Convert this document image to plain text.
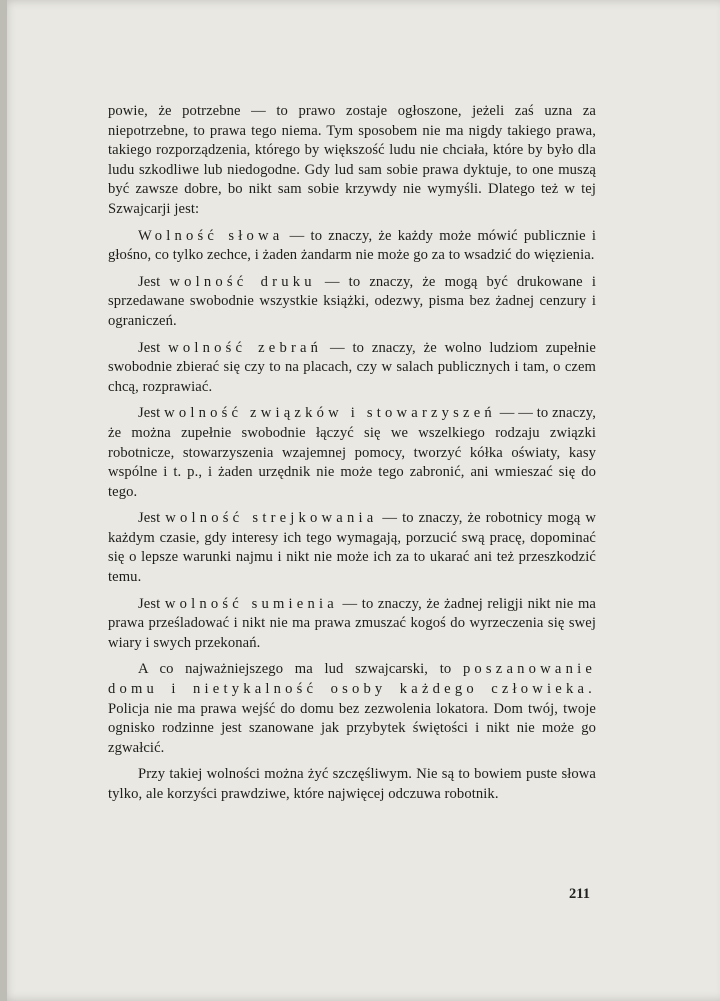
powie, że potrzebne — to prawo zostaje ogłoszone, jeżeli zaś uzna za niepotrzebne, to prawa tego niema. Tym sposobem nie ma nigdy takiego prawa, takiego rozporządzenia, którego by większość ludu nie chciała, które by było dla ludu szkodliwe lub niedogodne. Gdy lud sam sobie prawa dyktuje, to one muszą być zawsze dobre, bo nikt sam sobie krzywdy nie wymyśli. Dlatego też w tej Szwajcarji jest:

Wolność słowa — to znaczy, że każdy może mówić publicznie i głośno, co tylko zechce, i żaden żandarm nie może go za to wsadzić do więzienia.

Jest wolność druku — to znaczy, że mogą być drukowane i sprzedawane swobodnie wszystkie książki, odezwy, pisma bez żadnej cenzury i ograniczeń.

Jest wolność zebrań — to znaczy, że wolno ludziom zupełnie swobodnie zbierać się czy to na placach, czy w salach publicznych i tam, o czem chcą, rozprawiać.

Jest wolność związków i stowarzyszeń — — to znaczy, że można zupełnie swobodnie łączyć się we wszelkiego rodzaju związki robotnicze, stowarzyszenia wzajemnej pomocy, tworzyć kółka oświaty, kasy wspólne i t. p., i żaden urzędnik nie może tego zabronić, ani wmieszać się do tego.

Jest wolność strejkowania — to znaczy, że robotnicy mogą w każdym czasie, gdy interesy ich tego wymagają, porzucić swą pracę, dopominać się o lepsze warunki najmu i nikt nie może ich za to ukarać ani też przeszkodzić temu.

Jest wolność sumienia — to znaczy, że żadnej religji nikt nie ma prawa prześladować i nikt nie ma prawa zmuszać kogoś do wyrzeczenia się swej wiary i swych przekonań.

A co najważniejszego ma lud szwajcarski, to poszanowanie domu i nietykalność osoby każdego człowieka. Policja nie ma prawa wejść do domu bez zezwolenia lokatora. Dom twój, twoje ognisko rodzinne jest szanowane jak przybytek świętości i nikt nie może go zgwałcić.

Przy takiej wolności można żyć szczęśliwym. Nie są to bowiem puste słowa tylko, ale korzyści prawdziwe, które najwięcej odczuwa robotnik.

211
